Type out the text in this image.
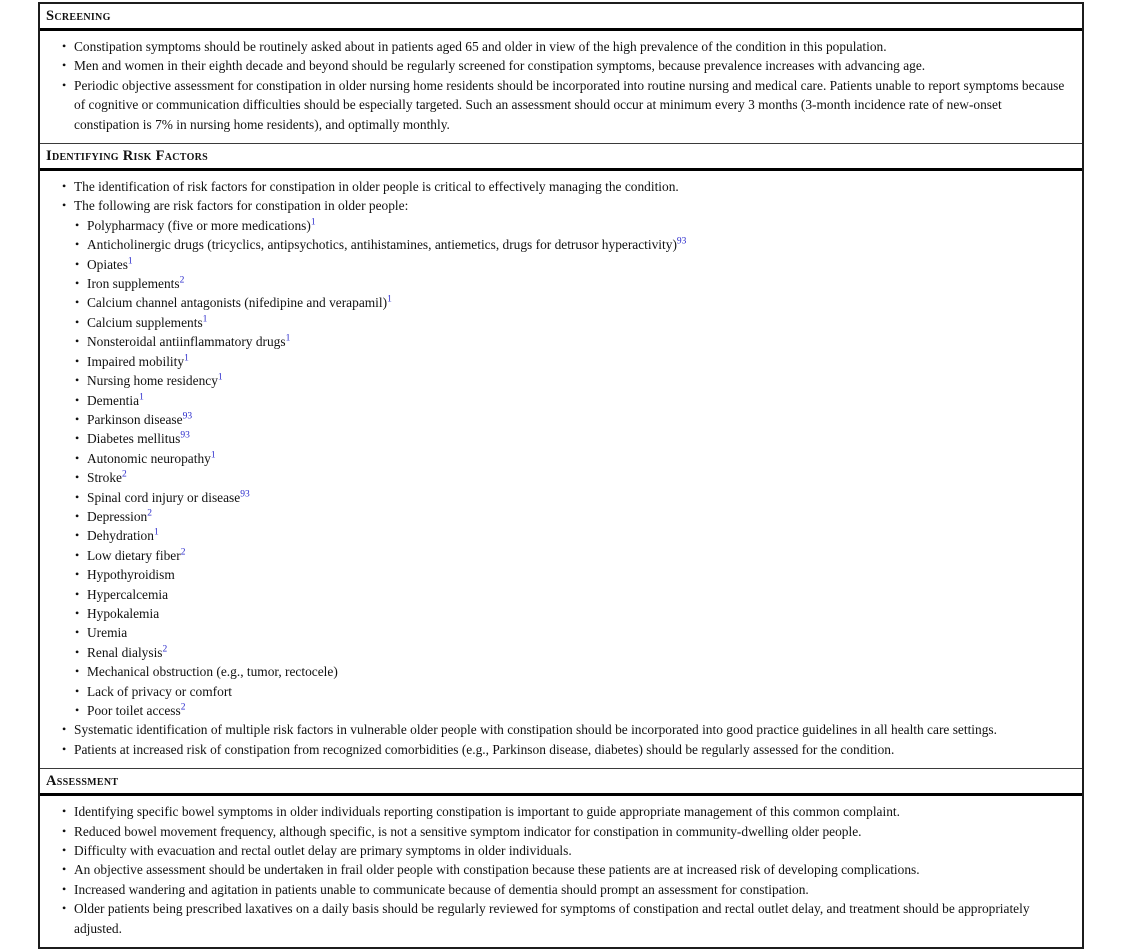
Screening
• Constipation symptoms should be routinely asked about in patients aged 65 and older in view of the high prevalence of the condition in this population.
• Men and women in their eighth decade and beyond should be regularly screened for constipation symptoms, because prevalence increases with advancing age.
• Periodic objective assessment for constipation in older nursing home residents should be incorporated into routine nursing and medical care. Patients unable to report symptoms because of cognitive or communication difficulties should be especially targeted. Such an assessment should occur at minimum every 3 months (3-month incidence rate of new-onset constipation is 7% in nursing home residents), and optimally monthly.
Identifying Risk Factors
• The identification of risk factors for constipation in older people is critical to effectively managing the condition.
• The following are risk factors for constipation in older people:
• Polypharmacy (five or more medications)$^1$
• Anticholinergic drugs (tricyclics, antipsychotics, antihistamines, antiemetics, drugs for detrusor hyperactivity)$^{93}$
• Opiates$^1$
• Iron supplements$^2$
• Calcium channel antagonists (nifedipine and verapamil)$^1$
• Calcium supplements$^1$
• Nonsteroidal antiinflammatory drugs$^1$
• Impaired mobility$^1$
• Nursing home residency$^1$
• Dementia$^1$
• Parkinson disease$^{93}$
• Diabetes mellitus$^{93}$
• Autonomic neuropathy$^1$
• Stroke$^2$
• Spinal cord injury or disease$^{93}$
• Depression$^2$
• Dehydration$^1$
• Low dietary fiber$^2$
• Hypothyroidism
• Hypercalcemia
• Hypokalemia
• Uremia
• Renal dialysis$^2$
• Mechanical obstruction (e.g., tumor, rectocele)
• Lack of privacy or comfort
• Poor toilet access$^2$
• Systematic identification of multiple risk factors in vulnerable older people with constipation should be incorporated into good practice guidelines in all health care settings.
• Patients at increased risk of constipation from recognized comorbidities (e.g., Parkinson disease, diabetes) should be regularly assessed for the condition.
Assessment
• Identifying specific bowel symptoms in older individuals reporting constipation is important to guide appropriate management of this common complaint.
• Reduced bowel movement frequency, although specific, is not a sensitive symptom indicator for constipation in community-dwelling older people.
• Difficulty with evacuation and rectal outlet delay are primary symptoms in older individuals.
• An objective assessment should be undertaken in frail older people with constipation because these patients are at increased risk of developing complications.
• Increased wandering and agitation in patients unable to communicate because of dementia should prompt an assessment for constipation.
• Older patients being prescribed laxatives on a daily basis should be regularly reviewed for symptoms of constipation and rectal outlet delay, and treatment should be appropriately adjusted.
